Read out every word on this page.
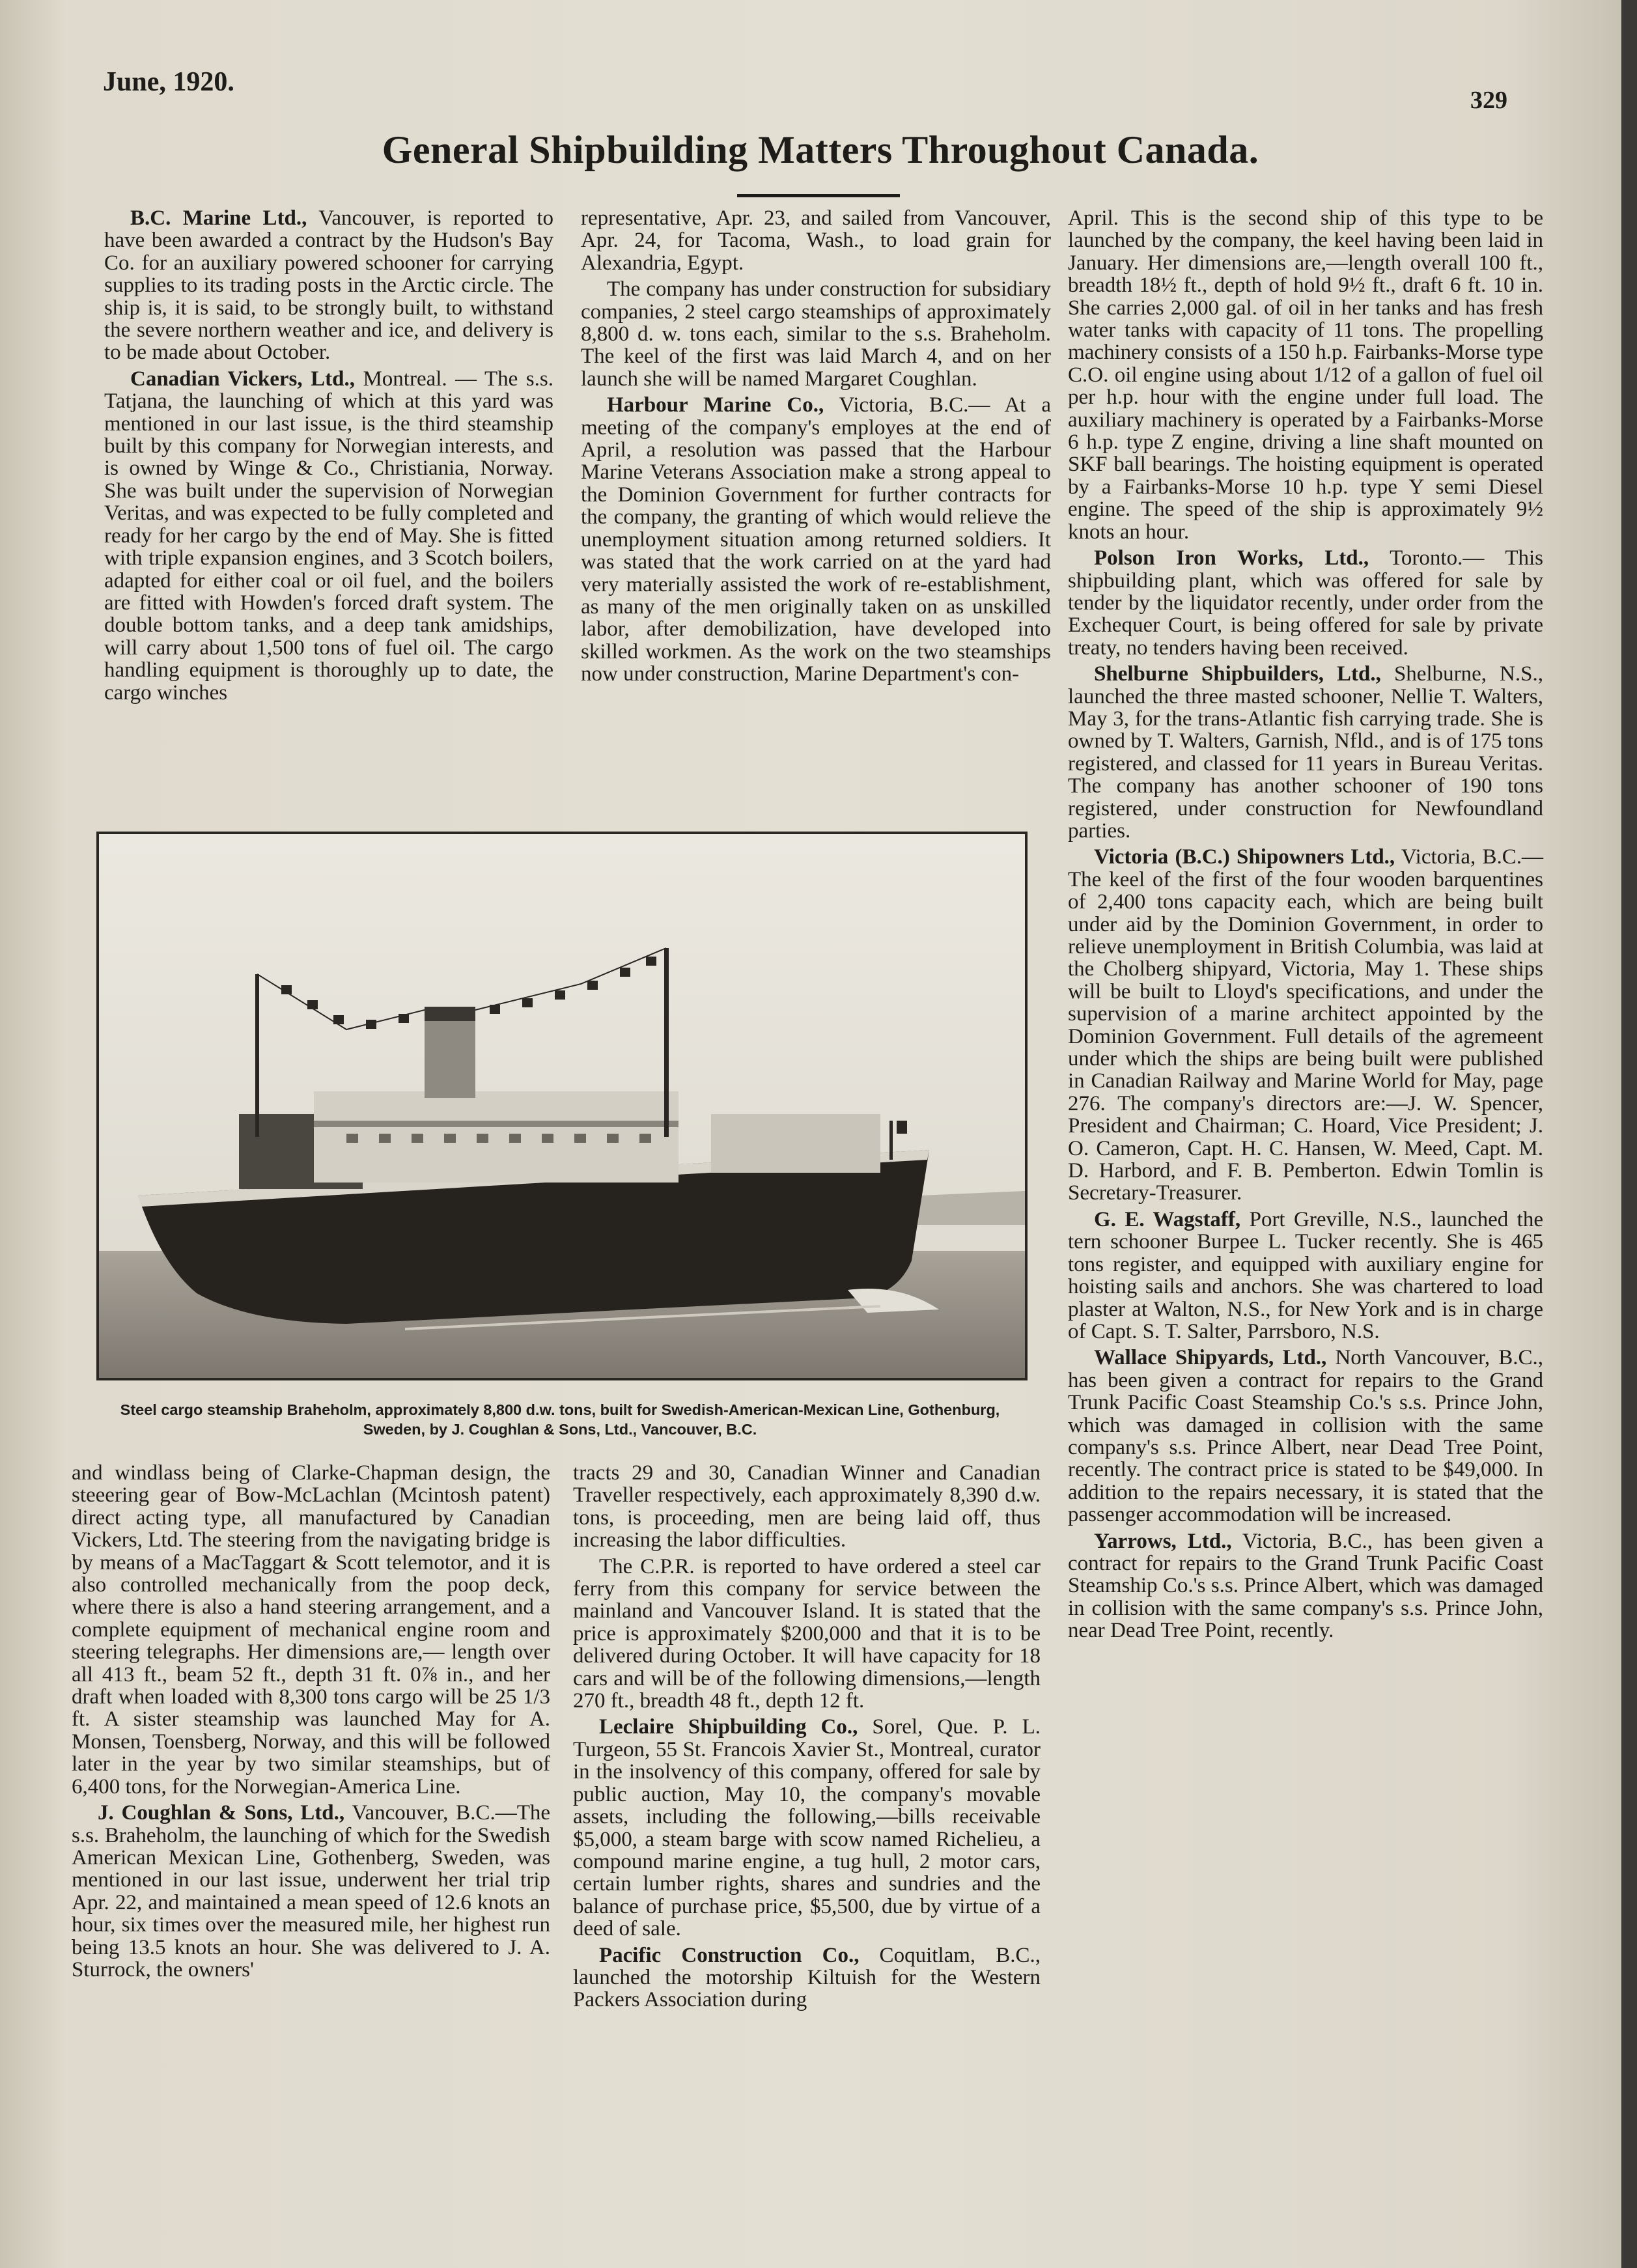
June, 1920.
329
General Shipbuilding Matters Throughout Canada.

B.C. Marine Ltd., Vancouver, is reported to have been awarded a contract by the Hudson's Bay Co. for an auxiliary powered schooner for carrying supplies to its trading posts in the Arctic circle. The ship is, it is said, to be strongly built, to withstand the severe northern weather and ice, and delivery is to be made about October.

Canadian Vickers, Ltd., Montreal. — The s.s. Tatjana, the launching of which at this yard was mentioned in our last issue, is the third steamship built by this company for Norwegian interests, and is owned by Winge & Co., Christiania, Norway. She was built under the supervision of Norwegian Veritas, and was expected to be fully completed and ready for her cargo by the end of May. She is fitted with triple expansion engines, and 3 Scotch boilers, adapted for either coal or oil fuel, and the boilers are fitted with Howden's forced draft system. The double bottom tanks, and a deep tank amidships, will carry about 1,500 tons of fuel oil. The cargo handling equipment is thoroughly up to date, the cargo winches

representative, Apr. 23, and sailed from Vancouver, Apr. 24, for Tacoma, Wash., to load grain for Alexandria, Egypt.

The company has under construction for subsidiary companies, 2 steel cargo steamships of approximately 8,800 d. w. tons each, similar to the s.s. Braheholm. The keel of the first was laid March 4, and on her launch she will be named Margaret Coughlan.

Harbour Marine Co., Victoria, B.C.— At a meeting of the company's employes at the end of April, a resolution was passed that the Harbour Marine Veterans Association make a strong appeal to the Dominion Government for further contracts for the company, the granting of which would relieve the unemployment situation among returned soldiers. It was stated that the work carried on at the yard had very materially assisted the work of re-establishment, as many of the men originally taken on as unskilled labor, after demobilization, have developed into skilled workmen. As the work on the two steamships now under construction, Marine Department's con-

April. This is the second ship of this type to be launched by the company, the keel having been laid in January. Her dimensions are,—length overall 100 ft., breadth 18½ ft., depth of hold 9½ ft., draft 6 ft. 10 in. She carries 2,000 gal. of oil in her tanks and has fresh water tanks with capacity of 11 tons. The propelling machinery consists of a 150 h.p. Fairbanks-Morse type C.O. oil engine using about 1/12 of a gallon of fuel oil per h.p. hour with the engine under full load. The auxiliary machinery is operated by a Fairbanks-Morse 6 h.p. type Z engine, driving a line shaft mounted on SKF ball bearings. The hoisting equipment is operated by a Fairbanks-Morse 10 h.p. type Y semi Diesel engine. The speed of the ship is approximately 9½ knots an hour.

Polson Iron Works, Ltd., Toronto.— This shipbuilding plant, which was offered for sale by tender by the liquidator recently, under order from the Exchequer Court, is being offered for sale by private treaty, no tenders having been received.

Shelburne Shipbuilders, Ltd., Shelburne, N.S., launched the three masted schooner, Nellie T. Walters, May 3, for the trans-Atlantic fish carrying trade. She is owned by T. Walters, Garnish, Nfld., and is of 175 tons registered, and classed for 11 years in Bureau Veritas. The company has another schooner of 190 tons registered, under construction for Newfoundland parties.

Victoria (B.C.) Shipowners Ltd., Victoria, B.C.—The keel of the first of the four wooden barquentines of 2,400 tons capacity each, which are being built under aid by the Dominion Government, in order to relieve unemployment in British Columbia, was laid at the Cholberg shipyard, Victoria, May 1. These ships will be built to Lloyd's specifications, and under the supervision of a marine architect appointed by the Dominion Government. Full details of the agremeent under which the ships are being built were published in Canadian Railway and Marine World for May, page 276. The company's directors are:—J. W. Spencer, President and Chairman; C. Hoard, Vice President; J. O. Cameron, Capt. H. C. Hansen, W. Meed, Capt. M. D. Harbord, and F. B. Pemberton. Edwin Tomlin is Secretary-Treasurer.

G. E. Wagstaff, Port Greville, N.S., launched the tern schooner Burpee L. Tucker recently. She is 465 tons register, and equipped with auxiliary engine for hoisting sails and anchors. She was chartered to load plaster at Walton, N.S., for New York and is in charge of Capt. S. T. Salter, Parrsboro, N.S.

Wallace Shipyards, Ltd., North Vancouver, B.C., has been given a contract for repairs to the Grand Trunk Pacific Coast Steamship Co.'s s.s. Prince John, which was damaged in collision with the same company's s.s. Prince Albert, near Dead Tree Point, recently. The contract price is stated to be $49,000. In addition to the repairs necessary, it is stated that the passenger accommodation will be increased.

Yarrows, Ltd., Victoria, B.C., has been given a contract for repairs to the Grand Trunk Pacific Coast Steamship Co.'s s.s. Prince Albert, which was damaged in collision with the same company's s.s. Prince John, near Dead Tree Point, recently.

Steel cargo steamship Braheholm, approximately 8,800 d.w. tons, built for Swedish-American-Mexican Line, Gothenburg, Sweden, by J. Coughlan & Sons, Ltd., Vancouver, B.C.

and windlass being of Clarke-Chapman design, the steeering gear of Bow-McLachlan (Mcintosh patent) direct acting type, all manufactured by Canadian Vickers, Ltd. The steering from the navigating bridge is by means of a MacTaggart & Scott telemotor, and it is also controlled mechanically from the poop deck, where there is also a hand steering arrangement, and a complete equipment of mechanical engine room and steering telegraphs. Her dimensions are,— length over all 413 ft., beam 52 ft., depth 31 ft. 0⅞ in., and her draft when loaded with 8,300 tons cargo will be 25 1/3 ft. A sister steamship was launched May for A. Monsen, Toensberg, Norway, and this will be followed later in the year by two similar steamships, but of 6,400 tons, for the Norwegian-America Line.

J. Coughlan & Sons, Ltd., Vancouver, B.C.—The s.s. Braheholm, the launching of which for the Swedish American Mexican Line, Gothenberg, Sweden, was mentioned in our last issue, underwent her trial trip Apr. 22, and maintained a mean speed of 12.6 knots an hour, six times over the measured mile, her highest run being 13.5 knots an hour. She was delivered to J. A. Sturrock, the owners'

tracts 29 and 30, Canadian Winner and Canadian Traveller respectively, each approximately 8,390 d.w. tons, is proceeding, men are being laid off, thus increasing the labor difficulties.

The C.P.R. is reported to have ordered a steel car ferry from this company for service between the mainland and Vancouver Island. It is stated that the price is approximately $200,000 and that it is to be delivered during October. It will have capacity for 18 cars and will be of the following dimensions,—length 270 ft., breadth 48 ft., depth 12 ft.

Leclaire Shipbuilding Co., Sorel, Que. P. L. Turgeon, 55 St. Francois Xavier St., Montreal, curator in the insolvency of this company, offered for sale by public auction, May 10, the company's movable assets, including the following,—bills receivable $5,000, a steam barge with scow named Richelieu, a compound marine engine, a tug hull, 2 motor cars, certain lumber rights, shares and sundries and the balance of purchase price, $5,500, due by virtue of a deed of sale.

Pacific Construction Co., Coquitlam, B.C., launched the motorship Kiltuish for the Western Packers Association during
